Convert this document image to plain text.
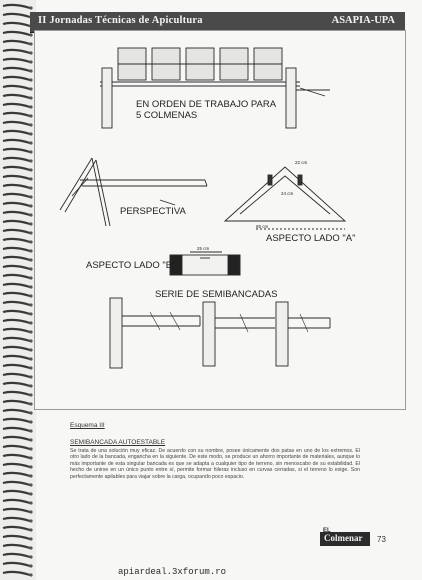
II Jornadas Técnicas de Apicultura	ASAPIA-UPA
EN ORDEN DE TRABAJO PARA
5 COLMENAS
PERSPECTIVA
ASPECTO LADO "A"
ASPECTO LADO "B"
SERIE DE SEMIBANCADAS
22 cm
24 cm
85 cm
25 cm
Esquema III
SEMIBANCADA AUTOESTABLE
Se trata de una solución muy eficaz. De acuerdo con su nombre, posee únicamente dos patas en uno de los extremos. El otro lado de la bancada, engancha en la siguiente. De este modo, se produce un ahorro importante de materiales, aunque lo más importante de esta singular bancada es que se adapta a cualquier tipo de terreno, sin menoscabo de su estabilidad. El hecho de unirse en un único punto entre sí, permite formar hileras incluso en curvas cerradas, si el terreno lo exige. Son perfectamente apilables para viajar sobre la carga, ocupando poco espacio.
EL
Colmenar 73
apiardeal.3xforum.ro
